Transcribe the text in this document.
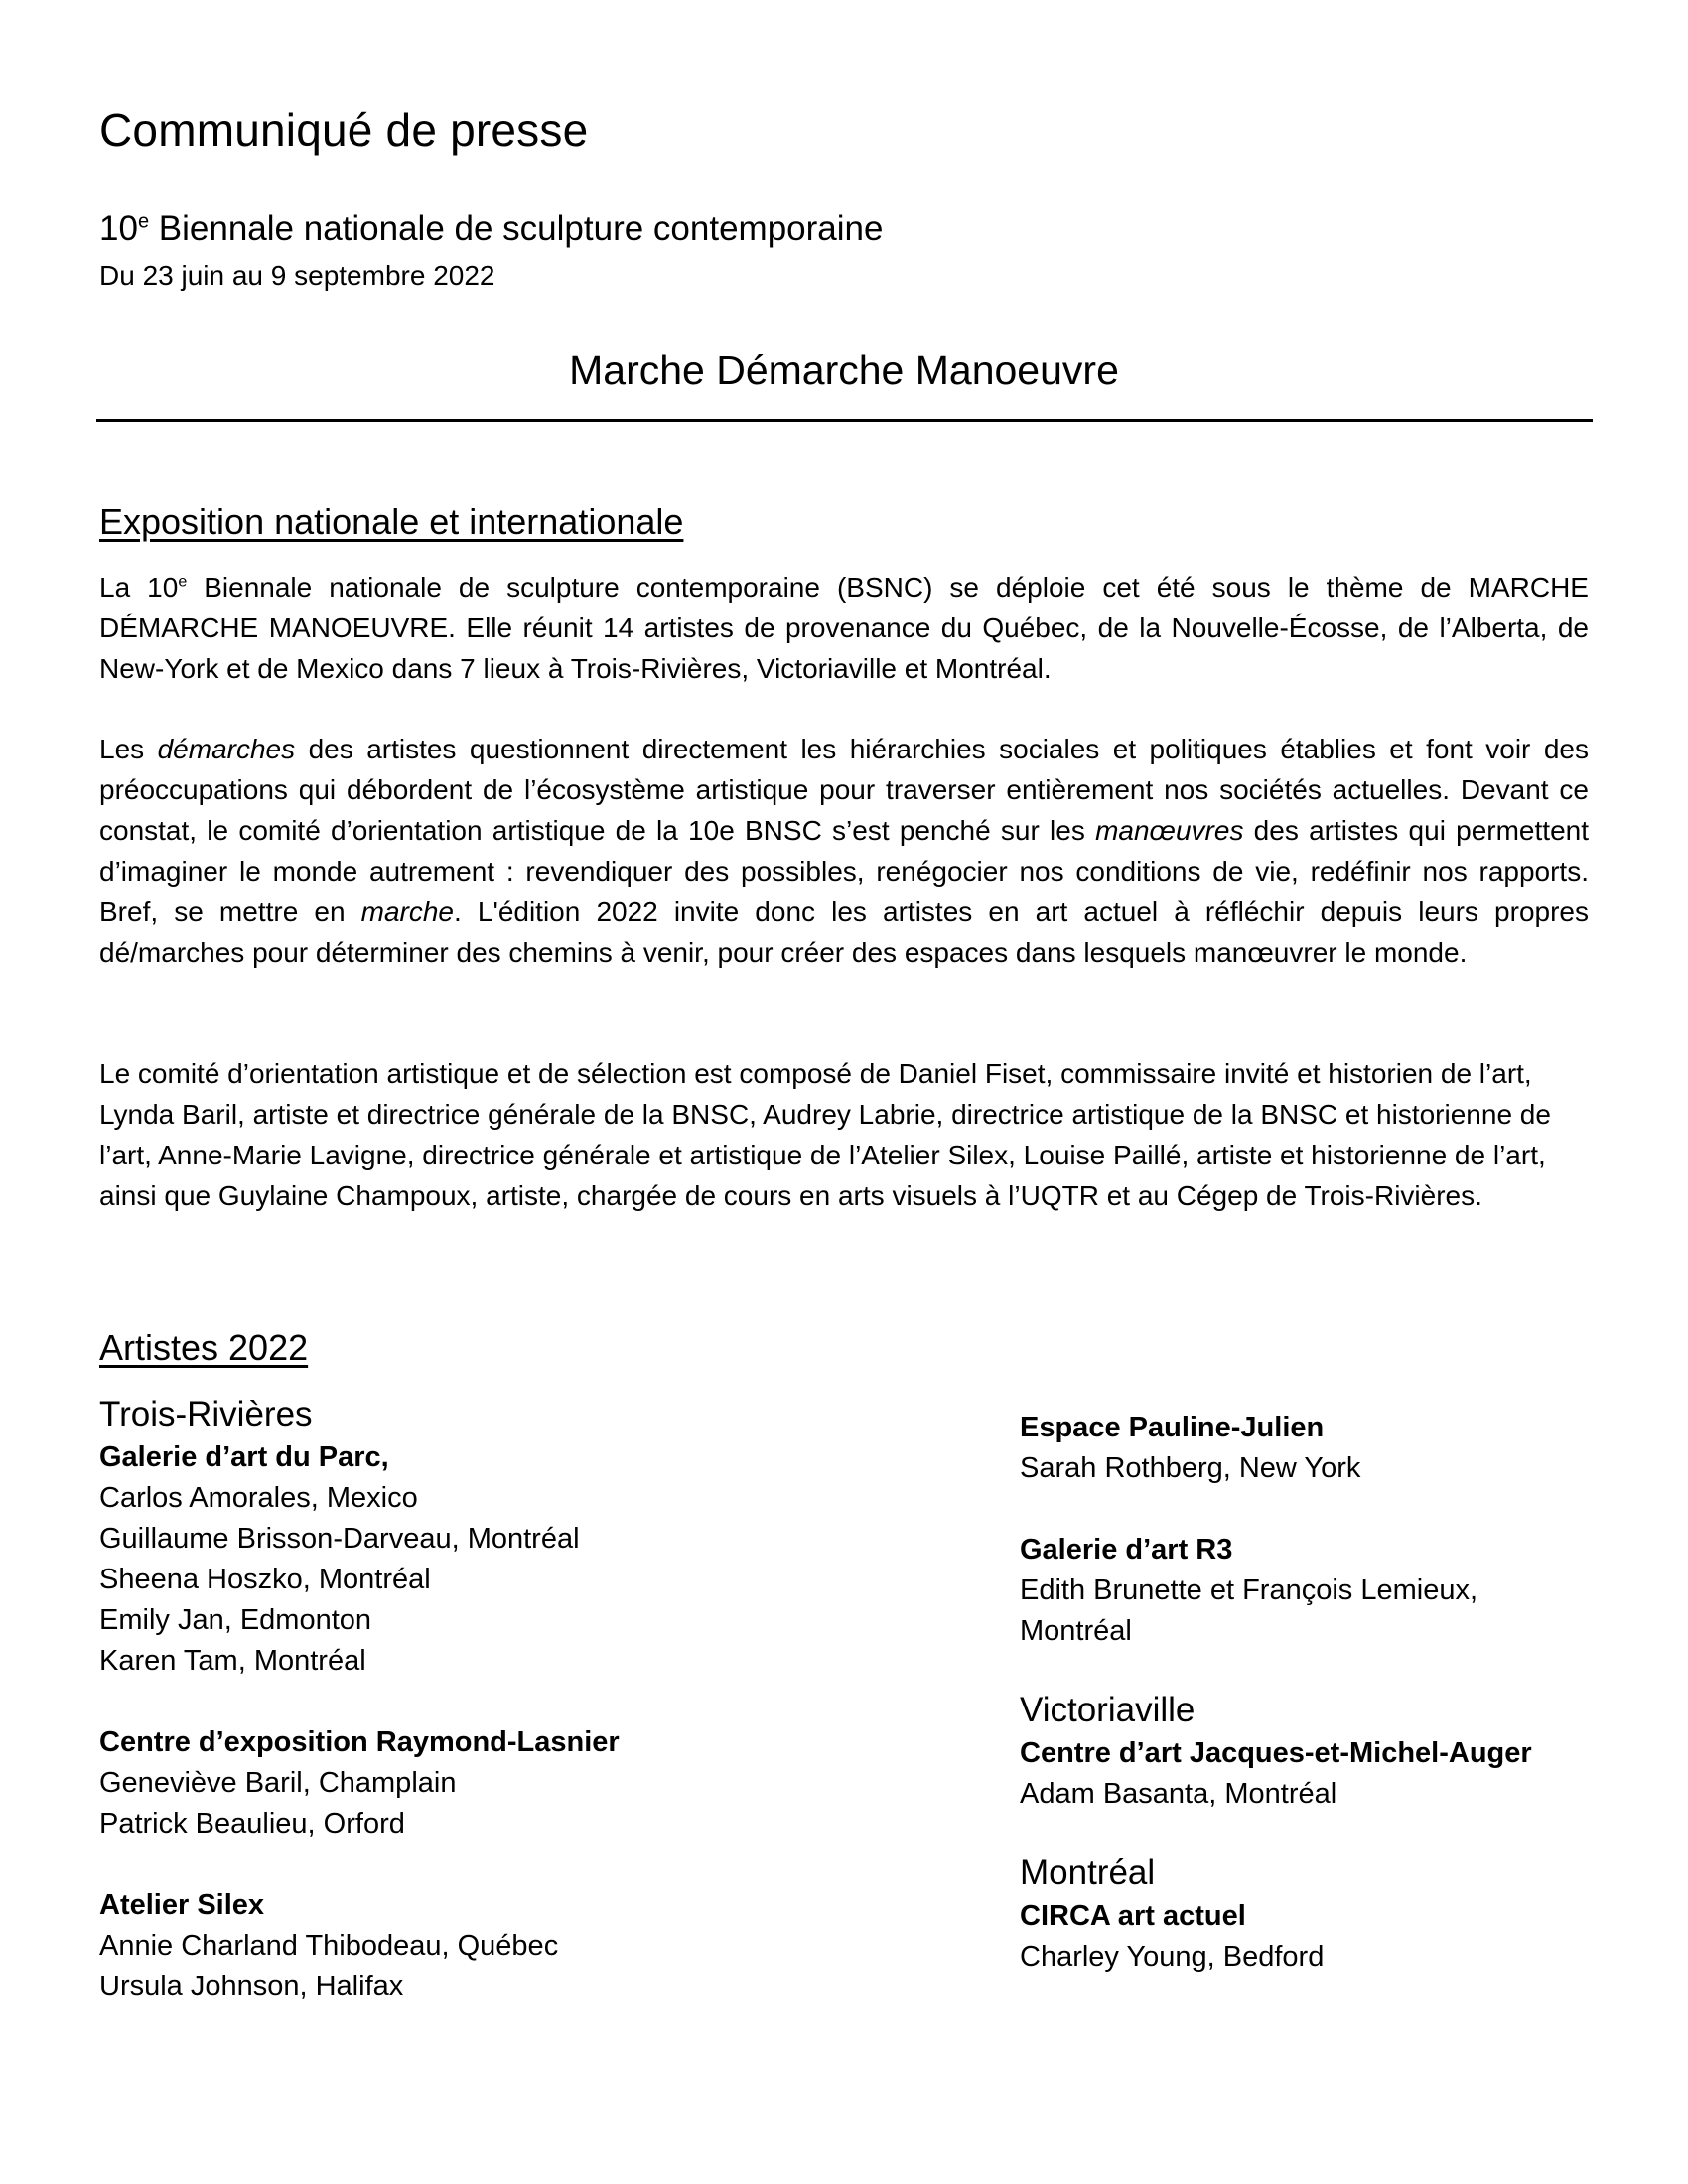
Communiqué de presse
10e Biennale nationale de sculpture contemporaine
Du 23 juin au 9 septembre 2022
Marche Démarche Manoeuvre
Exposition nationale et internationale

La 10e Biennale nationale de sculpture contemporaine (BSNC) se déploie cet été sous le thème de MARCHE DÉMARCHE MANOEUVRE. Elle réunit 14 artistes de provenance du Québec, de la Nouvelle-Écosse, de l’Alberta, de New-York et de Mexico dans 7 lieux à Trois-Rivières, Victoriaville et Montréal.

Les démarches des artistes questionnent directement les hiérarchies sociales et politiques établies et font voir des préoccupations qui débordent de l’écosystème artistique pour traverser entièrement nos sociétés actuelles. Devant ce constat, le comité d’orientation artistique de la 10e BNSC s’est penché sur les manœuvres des artistes qui permettent d’imaginer le monde autrement : revendiquer des possibles, renégocier nos conditions de vie, redéfinir nos rapports. Bref, se mettre en marche. L'édition 2022 invite donc les artistes en art actuel à réfléchir depuis leurs propres dé/marches pour déterminer des chemins à venir, pour créer des espaces dans lesquels manœuvrer le monde.

Le comité d’orientation artistique et de sélection est composé de Daniel Fiset, commissaire invité et historien de l’art, Lynda Baril, artiste et directrice générale de la BNSC, Audrey Labrie, directrice artistique de la BNSC et historienne de l’art, Anne-Marie Lavigne, directrice générale et artistique de l’Atelier Silex, Louise Paillé, artiste et historienne de l’art, ainsi que Guylaine Champoux, artiste, chargée de cours en arts visuels à l’UQTR et au Cégep de Trois-Rivières.

Artistes 2022
Trois-Rivières
Galerie d’art du Parc,
Carlos Amorales, Mexico
Guillaume Brisson-Darveau, Montréal
Sheena Hoszko, Montréal
Emily Jan, Edmonton
Karen Tam, Montréal
Centre d’exposition Raymond-Lasnier
Geneviève Baril, Champlain
Patrick Beaulieu, Orford
Atelier Silex
Annie Charland Thibodeau, Québec
Ursula Johnson, Halifax
Espace Pauline-Julien
Sarah Rothberg, New York
Galerie d’art R3
Edith Brunette et François Lemieux,
Montréal
Victoriaville
Centre d’art Jacques-et-Michel-Auger
Adam Basanta, Montréal
Montréal
CIRCA art actuel
Charley Young, Bedford
